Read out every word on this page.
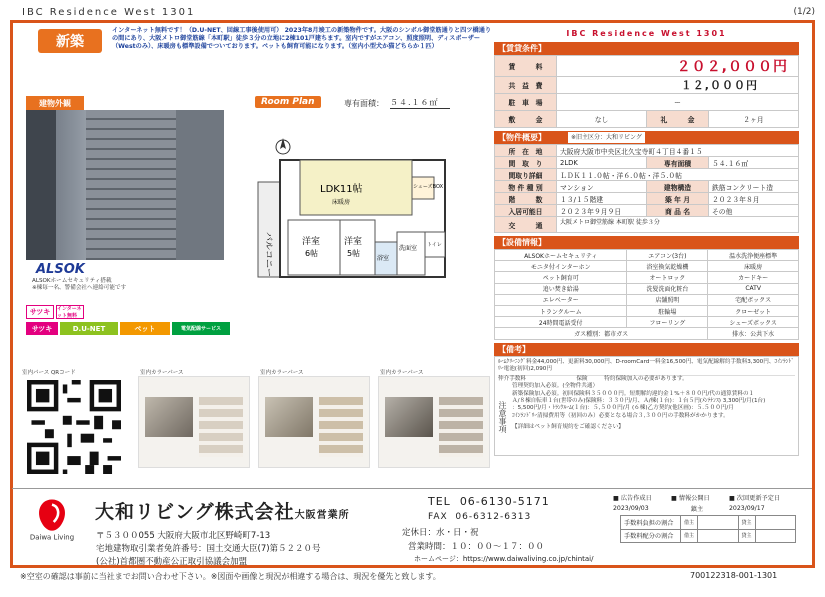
IBC Residence West 1301	(1/2)
新築
インターネット無料です！（D.U-NET、回線工事後使用可） 2023年8月竣工の新築物件です。大阪のシンボル御堂筋通りと四ツ橋通りの間にあり、大阪メトロ御堂筋線「本町駅」徒歩３分の立地に2棟101戸建ちます。室内ですがエアコン、照度照明、ディスポーザー（Westのみ）、床暖房も標準設備でついております。ペットも飼育可能になります。（室内小型犬か猫どちらか１匹）
建物外観
ALSOK
ALSOKホームセキュリティ搭載
※棟毎一名、警備会社へ連絡可能です
サツキ	インターネット無料
サツキ	D.U-NET	ペット	電気配線サービス
Room Plan	専有面積： ５４.１６㎡
バルコニー
LDK11帖
床暖房
洋室
6帖
洋室
5帖
浴室
洗面室
シューズBOX
トイレ
室内パース QRコード	室内カラーパース	室内カラーパース	室内カラーパース
IBC Residence West 1301
【賃貸条件】
賃　　　料	２０２,０００円		
共　益　費	１２,０００円		
駐　車　場	ー		
敷　　　金	なし	礼　　　金	２ヶ月
【物件概要】	※旧主区分：大和リビング
所　在　地	大阪府大阪市中央区北久宝寺町４丁目４番１５		
間　取　り	2LDK	専有面積	５４.１６㎡
間取り詳細	ＬＤＫ１１.０帖・洋６.０帖・洋５.０帖		
物 件 種 別	マンション	建物構造	鉄筋コンクリート造
階　　　数	１３/１５階建	築 年 月	２０２３年８月
入居可能日	２０２３年９月９日	商 品 名	その他
交　　　通	大阪メトロ御堂筋線 本町駅 徒歩３分		
【設備情報】
ALSOKホームセキュリティ	エアコン(3台)	温水洗浄便座標準
モニタ付インターホン	浴室換気乾燥機	床暖房
ペット飼育可	オートロック	カードキー
追い焚き給湯	洗髪洗面化粧台	CATV
エレベーター	店舗照明	宅配ボックス
トランクルーム	駐輪場	クローゼット
24時間電話受付	フローリング	シューズボックス
ガス種別：都市ガス		排水：公共下水
【備考】
ﾙｰﾑｸﾘｰﾆﾝｸﾞ料金44,000円、更新料30,000円、D-roomCard一料金16,500円、電気配線解約手数料3,300円、ｺｲﾝﾗﾝﾄﾞﾘｰ電池(初回)2,090円
仲介手数料　　　　　　　　　保険　　　特約保険加入の必要があります。
注意事項
管理契約加入必須。(全物件共通）
新築保険加入必須。初回保険料３５０００円。短期解約違約金１%＋８００円/代の通算賃料の１
Ａ/８棟自転車１台(世帯のみ)保険料：３３０円/月、Ａ/棟(１台)：１台５円(ﾒﾝﾃﾅﾝｽ) 3,300円/月(1台)
：5,500円/月・ﾄﾗﾝｸﾙｰﾑ(１台)：５,５００円/月 (６棟)乙方契約(他区画)：５.５００円/月
ｺｲﾝﾗﾝﾄﾞﾘｰ清掃費用等（初回のみ）必要となる場合３,３００円の手数料がかかります。
【詳細はペット飼育規約をご確認ください】
Daiwa Living
大和リビング株式会社大阪営業所
〒５３００055 大阪府大阪市北区野崎町7-13
宅地建物取引業者免許番号：国土交通大臣(7)第５２２０号
(公社)首都圏不動産公正取引協議会加盟
TEL 06-6130-5171
FAX 06-6312-6313
定休日：水・日・祝
営業時間：１０：００～１７：００
ホームページ：https://www.daiwaliving.co.jp/chintai/
■ 広告作成日	■ 情報公開日	■ 次回更新予定日
2023/09/03	鎮主	2023/09/17
手数料負担の割合	借主		貸主	
手数料配分の割合	借主		貸主	
※空室の確認は事前に当社までお問い合わせ下さい。※図面や画像と現況が相違する場合は、現況を優先と致します。	700122318-001-1301
